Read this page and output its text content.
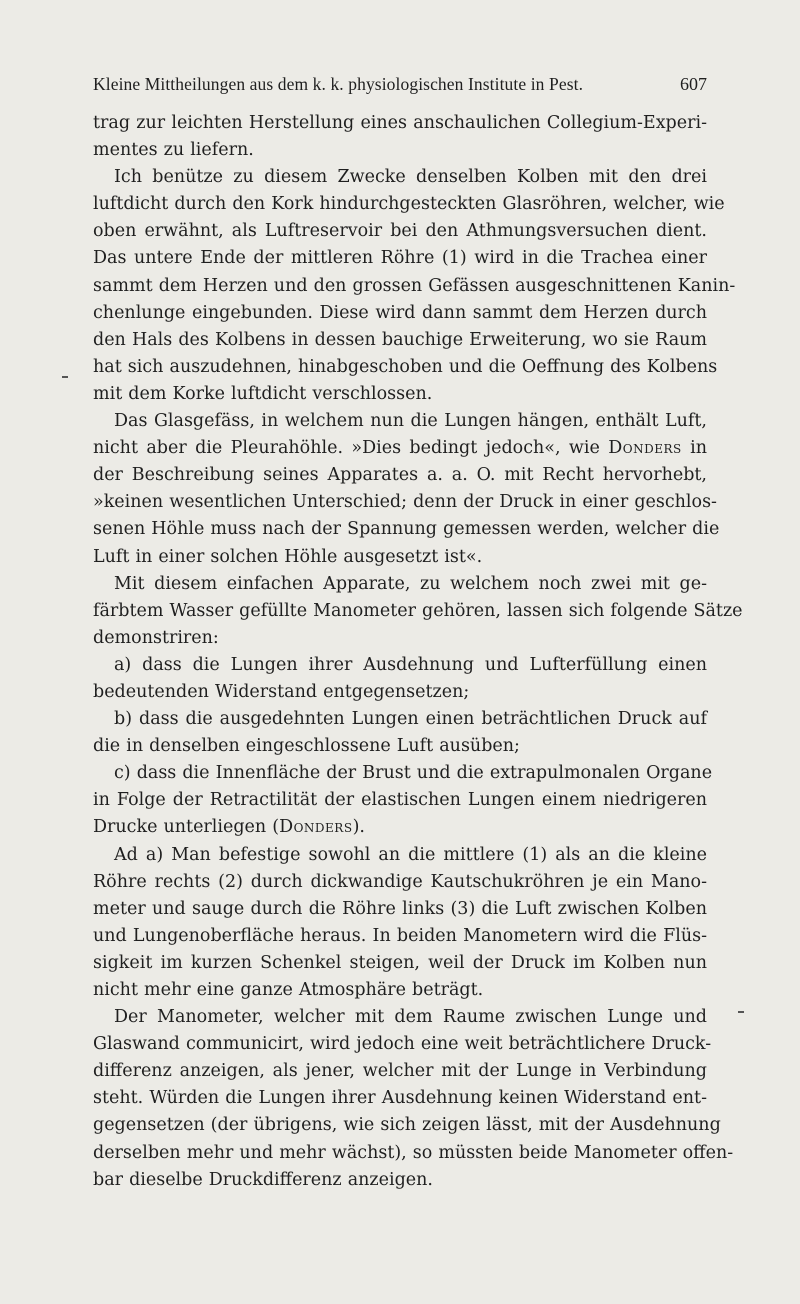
Kleine Mittheilungen aus dem k. k. physiologischen Institute in Pest.	607
trag zur leichten Herstellung eines anschaulichen Collegium-Experi-
mentes zu liefern.
Ich benütze zu diesem Zwecke denselben Kolben mit den drei
luftdicht durch den Kork hindurchgesteckten Glasröhren, welcher, wie
oben erwähnt, als Luftreservoir bei den Athmungsversuchen dient.
Das untere Ende der mittleren Röhre (1) wird in die Trachea einer
sammt dem Herzen und den grossen Gefässen ausgeschnittenen Kanin-
chenlunge eingebunden. Diese wird dann sammt dem Herzen durch
den Hals des Kolbens in dessen bauchige Erweiterung, wo sie Raum
hat sich auszudehnen, hinabgeschoben und die Oeffnung des Kolbens
mit dem Korke luftdicht verschlossen.
Das Glasgefäss, in welchem nun die Lungen hängen, enthält Luft,
nicht aber die Pleurahöhle. »Dies bedingt jedoch«, wie Donders in
der Beschreibung seines Apparates a. a. O. mit Recht hervorhebt,
»keinen wesentlichen Unterschied; denn der Druck in einer geschlos-
senen Höhle muss nach der Spannung gemessen werden, welcher die
Luft in einer solchen Höhle ausgesetzt ist«.
Mit diesem einfachen Apparate, zu welchem noch zwei mit ge-
färbtem Wasser gefüllte Manometer gehören, lassen sich folgende Sätze
demonstriren:
a) dass die Lungen ihrer Ausdehnung und Lufterfüllung einen
bedeutenden Widerstand entgegensetzen;
b) dass die ausgedehnten Lungen einen beträchtlichen Druck auf
die in denselben eingeschlossene Luft ausüben;
c) dass die Innenfläche der Brust und die extrapulmonalen Organe
in Folge der Retractilität der elastischen Lungen einem niedrigeren
Drucke unterliegen (Donders).
Ad a) Man befestige sowohl an die mittlere (1) als an die kleine
Röhre rechts (2) durch dickwandige Kautschukröhren je ein Mano-
meter und sauge durch die Röhre links (3) die Luft zwischen Kolben
und Lungenoberfläche heraus. In beiden Manometern wird die Flüs-
sigkeit im kurzen Schenkel steigen, weil der Druck im Kolben nun
nicht mehr eine ganze Atmosphäre beträgt.
Der Manometer, welcher mit dem Raume zwischen Lunge und
Glaswand communicirt, wird jedoch eine weit beträchtlichere Druck-
differenz anzeigen, als jener, welcher mit der Lunge in Verbindung
steht. Würden die Lungen ihrer Ausdehnung keinen Widerstand ent-
gegensetzen (der übrigens, wie sich zeigen lässt, mit der Ausdehnung
derselben mehr und mehr wächst), so müssten beide Manometer offen-
bar dieselbe Druckdifferenz anzeigen.
